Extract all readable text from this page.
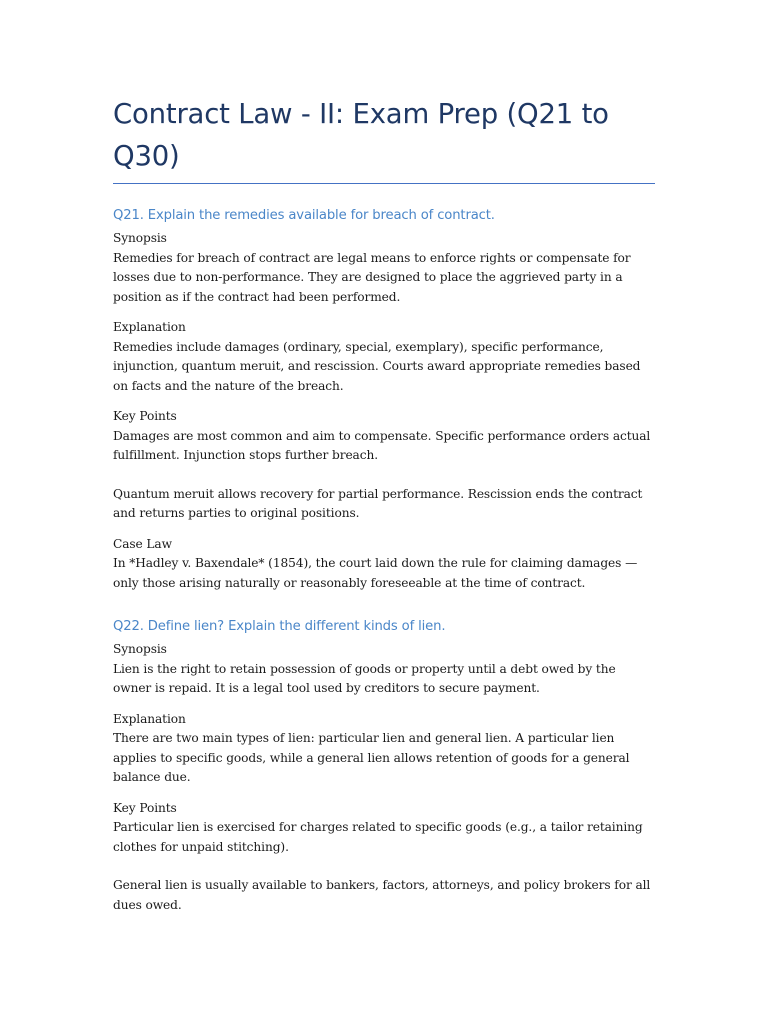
Contract Law - II: Exam Prep (Q21 to Q30)
Q21. Explain the remedies available for breach of contract.

Synopsis

Remedies for breach of contract are legal means to enforce rights or compensate for losses due to non-performance. They are designed to place the aggrieved party in a position as if the contract had been performed.

Explanation

Remedies include damages (ordinary, special, exemplary), specific performance, injunction, quantum meruit, and rescission. Courts award appropriate remedies based on facts and the nature of the breach.

Key Points

Damages are most common and aim to compensate. Specific performance orders actual fulfillment. Injunction stops further breach.

Quantum meruit allows recovery for partial performance. Rescission ends the contract and returns parties to original positions.

Case Law

In *Hadley v. Baxendale* (1854), the court laid down the rule for claiming damages — only those arising naturally or reasonably foreseeable at the time of contract.

Q22. Define lien? Explain the different kinds of lien.

Synopsis

Lien is the right to retain possession of goods or property until a debt owed by the owner is repaid. It is a legal tool used by creditors to secure payment.

Explanation

There are two main types of lien: particular lien and general lien. A particular lien applies to specific goods, while a general lien allows retention of goods for a general balance due.

Key Points

Particular lien is exercised for charges related to specific goods (e.g., a tailor retaining clothes for unpaid stitching).

General lien is usually available to bankers, factors, attorneys, and policy brokers for all dues owed.
